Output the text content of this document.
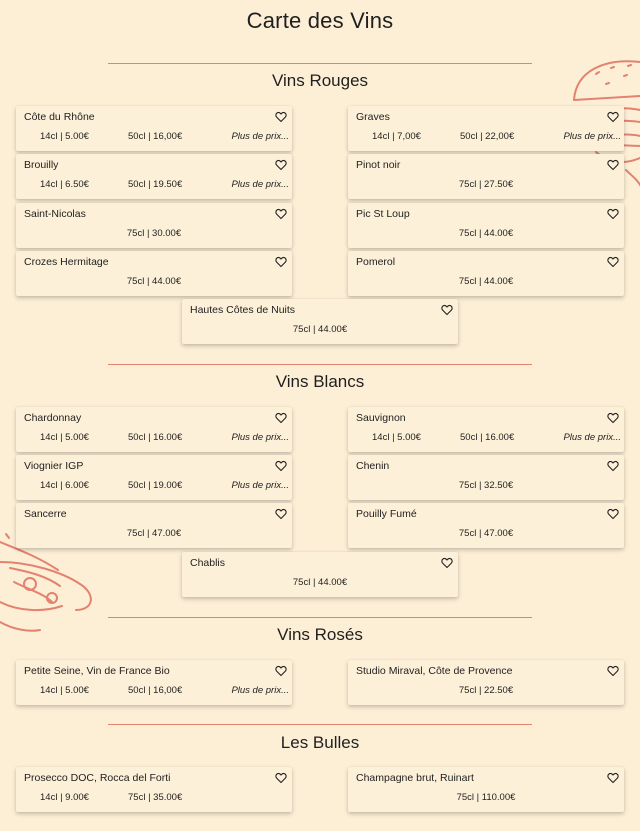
Carte des Vins
Vins Rouges
Côte du Rhône
14cl | 5.00€	50cl | 16,00€	Plus de prix...
Graves
14cl | 7,00€	50cl | 22,00€	Plus de prix...
Brouilly
14cl | 6.50€	50cl | 19.50€	Plus de prix...
Pinot noir
75cl | 27.50€
Saint-Nicolas
75cl | 30.00€
Pic St Loup
75cl | 44.00€
Crozes Hermitage
75cl | 44.00€
Pomerol
75cl | 44.00€
Hautes Côtes de Nuits
75cl | 44.00€
Vins Blancs
Chardonnay
14cl | 5.00€	50cl | 16.00€	Plus de prix...
Sauvignon
14cl | 5.00€	50cl | 16.00€	Plus de prix...
Viognier IGP
14cl | 6.00€	50cl | 19.00€	Plus de prix...
Chenin
75cl | 32.50€
Sancerre
75cl | 47.00€
Pouilly Fumé
75cl | 47.00€
Chablis
75cl | 44.00€
Vins Rosés
Petite Seine, Vin de France Bio
14cl | 5.00€	50cl | 16,00€	Plus de prix...
Studio Miraval, Côte de Provence
75cl | 22.50€
Les Bulles
Prosecco DOC, Rocca del Forti
14cl | 9.00€	75cl | 35.00€
Champagne brut, Ruinart
75cl | 110.00€
